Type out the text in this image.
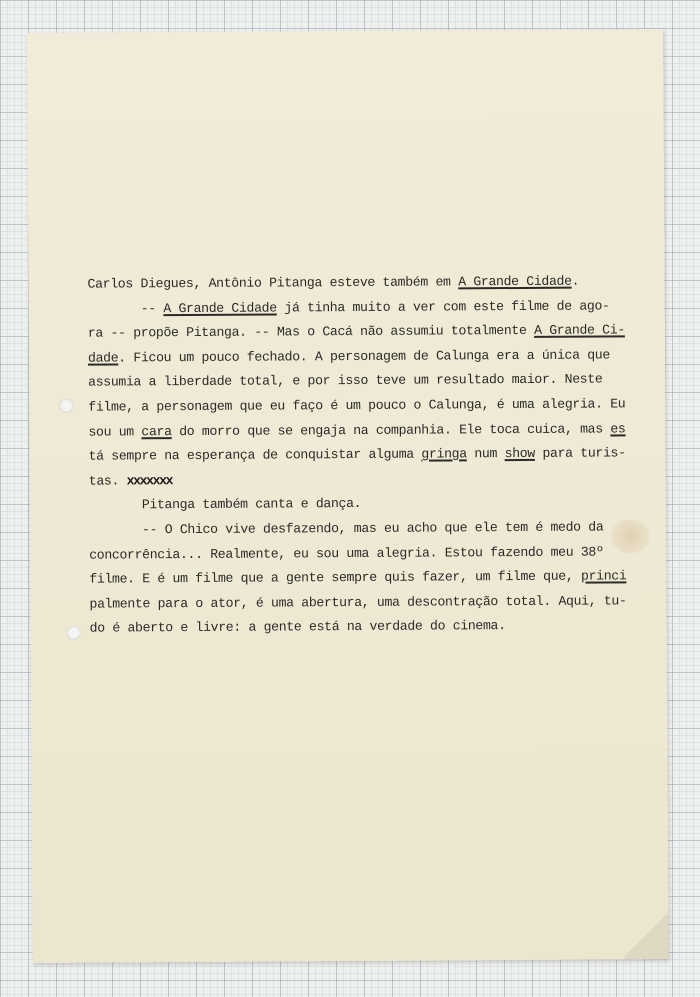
Carlos Diegues, Antônio Pitanga esteve também em A Grande Cidade.
-- A Grande Cidade já tinha muito a ver com este filme de ago-
ra -- propõe Pitanga. -- Mas o Cacá não assumiu totalmente A Grande Ci-
dade. Ficou um pouco fechado. A personagem de Calunga era a única que
assumia a liberdade total, e por isso teve um resultado maior. Neste
filme, a personagem que eu faço é um pouco o Calunga, é uma alegria. Eu
sou um cara do morro que se engaja na companhia. Ele toca cuica, mas es
tá sempre na esperança de conquistar alguma gringa num show para turis-
tas. xxxxxxx
Pitanga também canta e dança.
-- O Chico vive desfazendo, mas eu acho que ele tem é medo da
concorrência... Realmente, eu sou uma alegria. Estou fazendo meu 38º
filme. E é um filme que a gente sempre quis fazer, um filme que, princi
palmente para o ator, é uma abertura, uma descontração total. Aqui, tu-
do é aberto e livre: a gente está na verdade do cinema.
